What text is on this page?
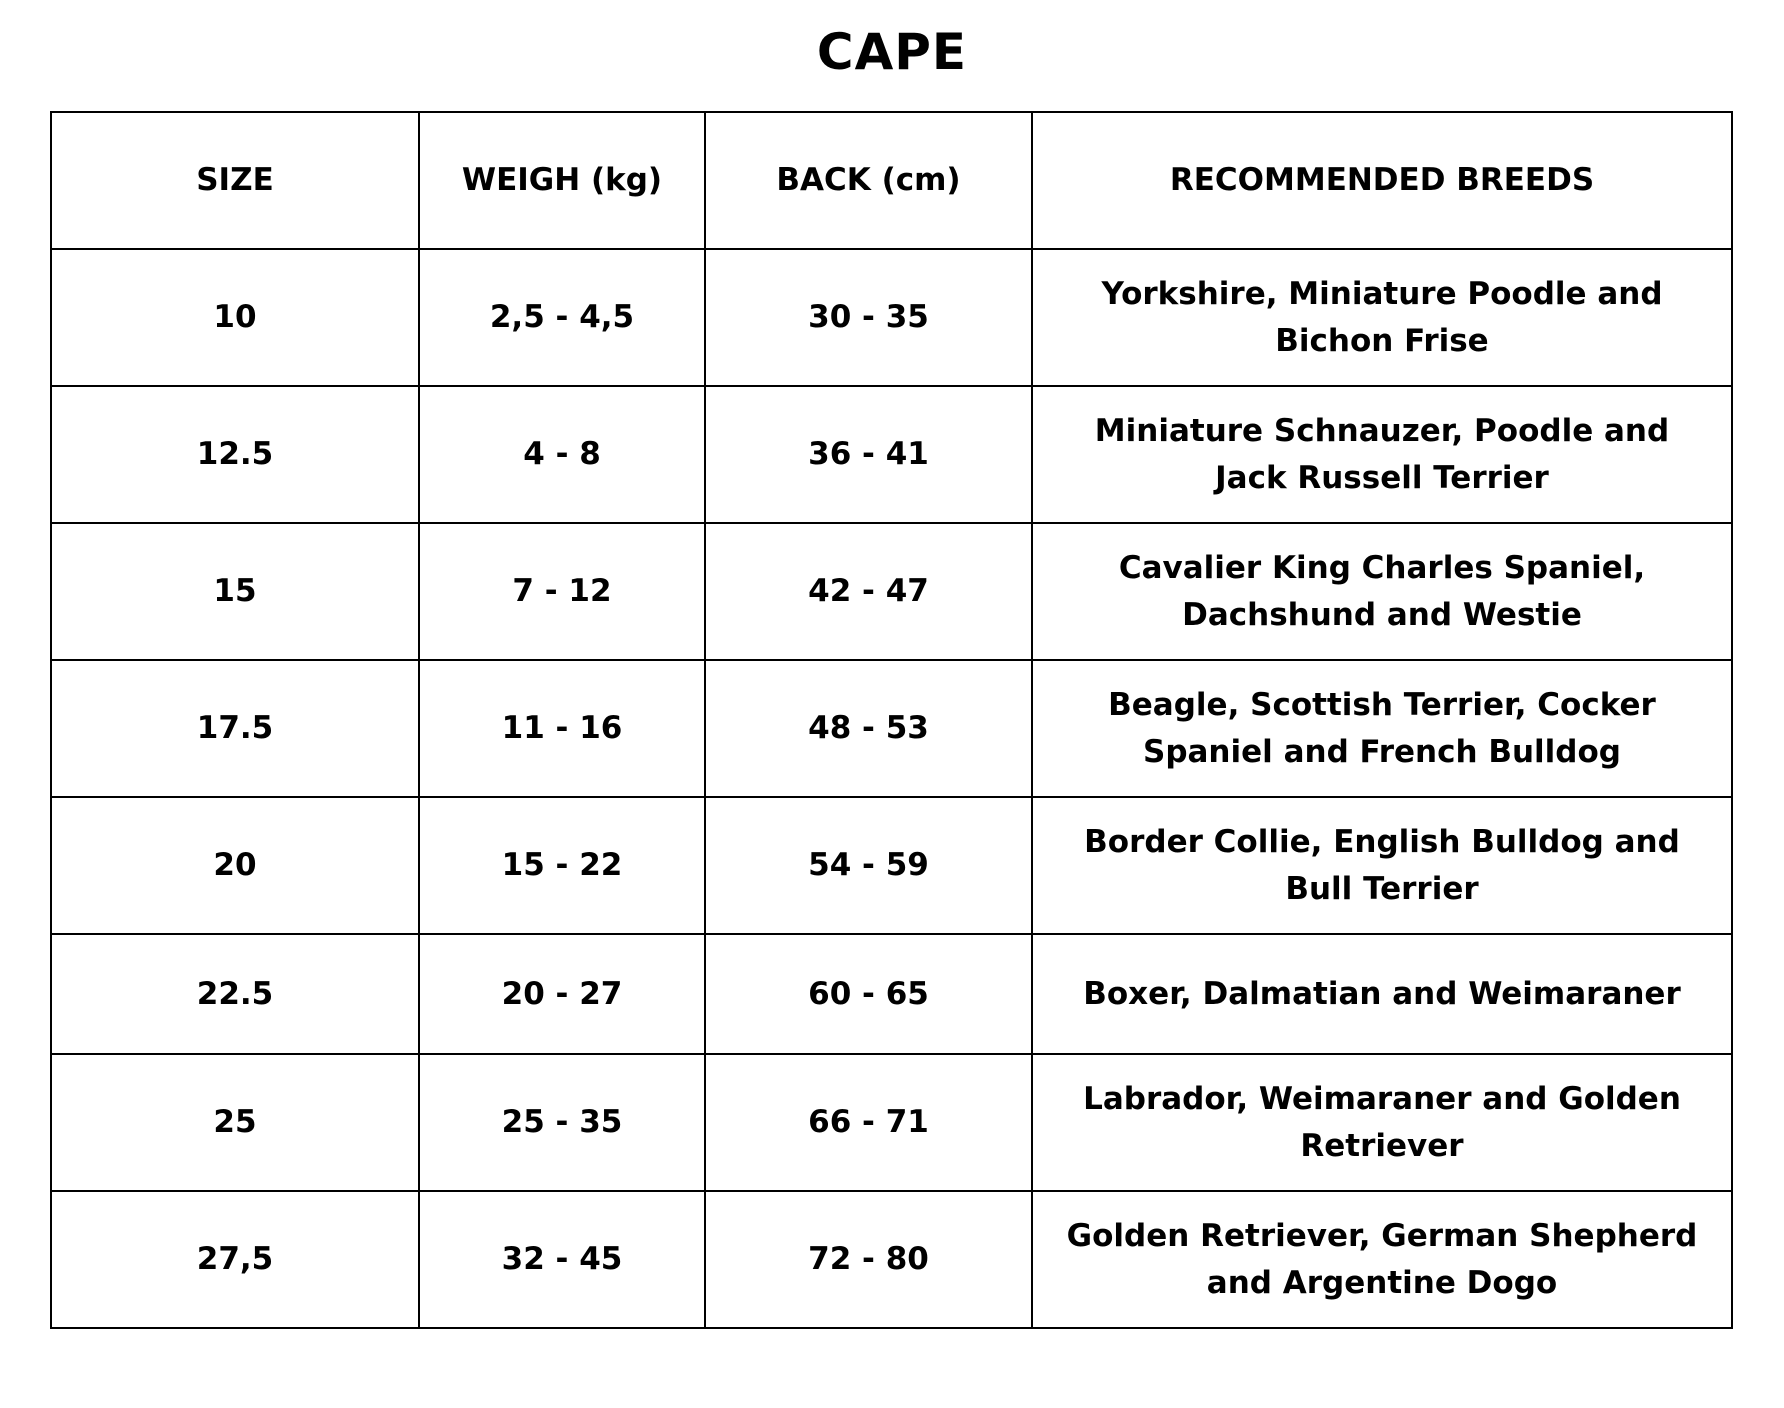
CAPE
SIZE	WEIGH (kg)	BACK (cm)	RECOMMENDED BREEDS
10	2,5 - 4,5	30 - 35	Yorkshire, Miniature Poodle and Bichon Frise
12.5	4 - 8	36 - 41	Miniature Schnauzer, Poodle and Jack Russell Terrier
15	7 - 12	42 - 47	Cavalier King Charles Spaniel, Dachshund and Westie
17.5	11 - 16	48 - 53	Beagle, Scottish Terrier, Cocker Spaniel and French Bulldog
20	15 - 22	54 - 59	Border Collie, English Bulldog and Bull Terrier
22.5	20 - 27	60 - 65	Boxer, Dalmatian and Weimaraner
25	25 - 35	66 - 71	Labrador, Weimaraner and Golden Retriever
27,5	32 - 45	72 - 80	Golden Retriever, German Shepherd and Argentine Dogo
